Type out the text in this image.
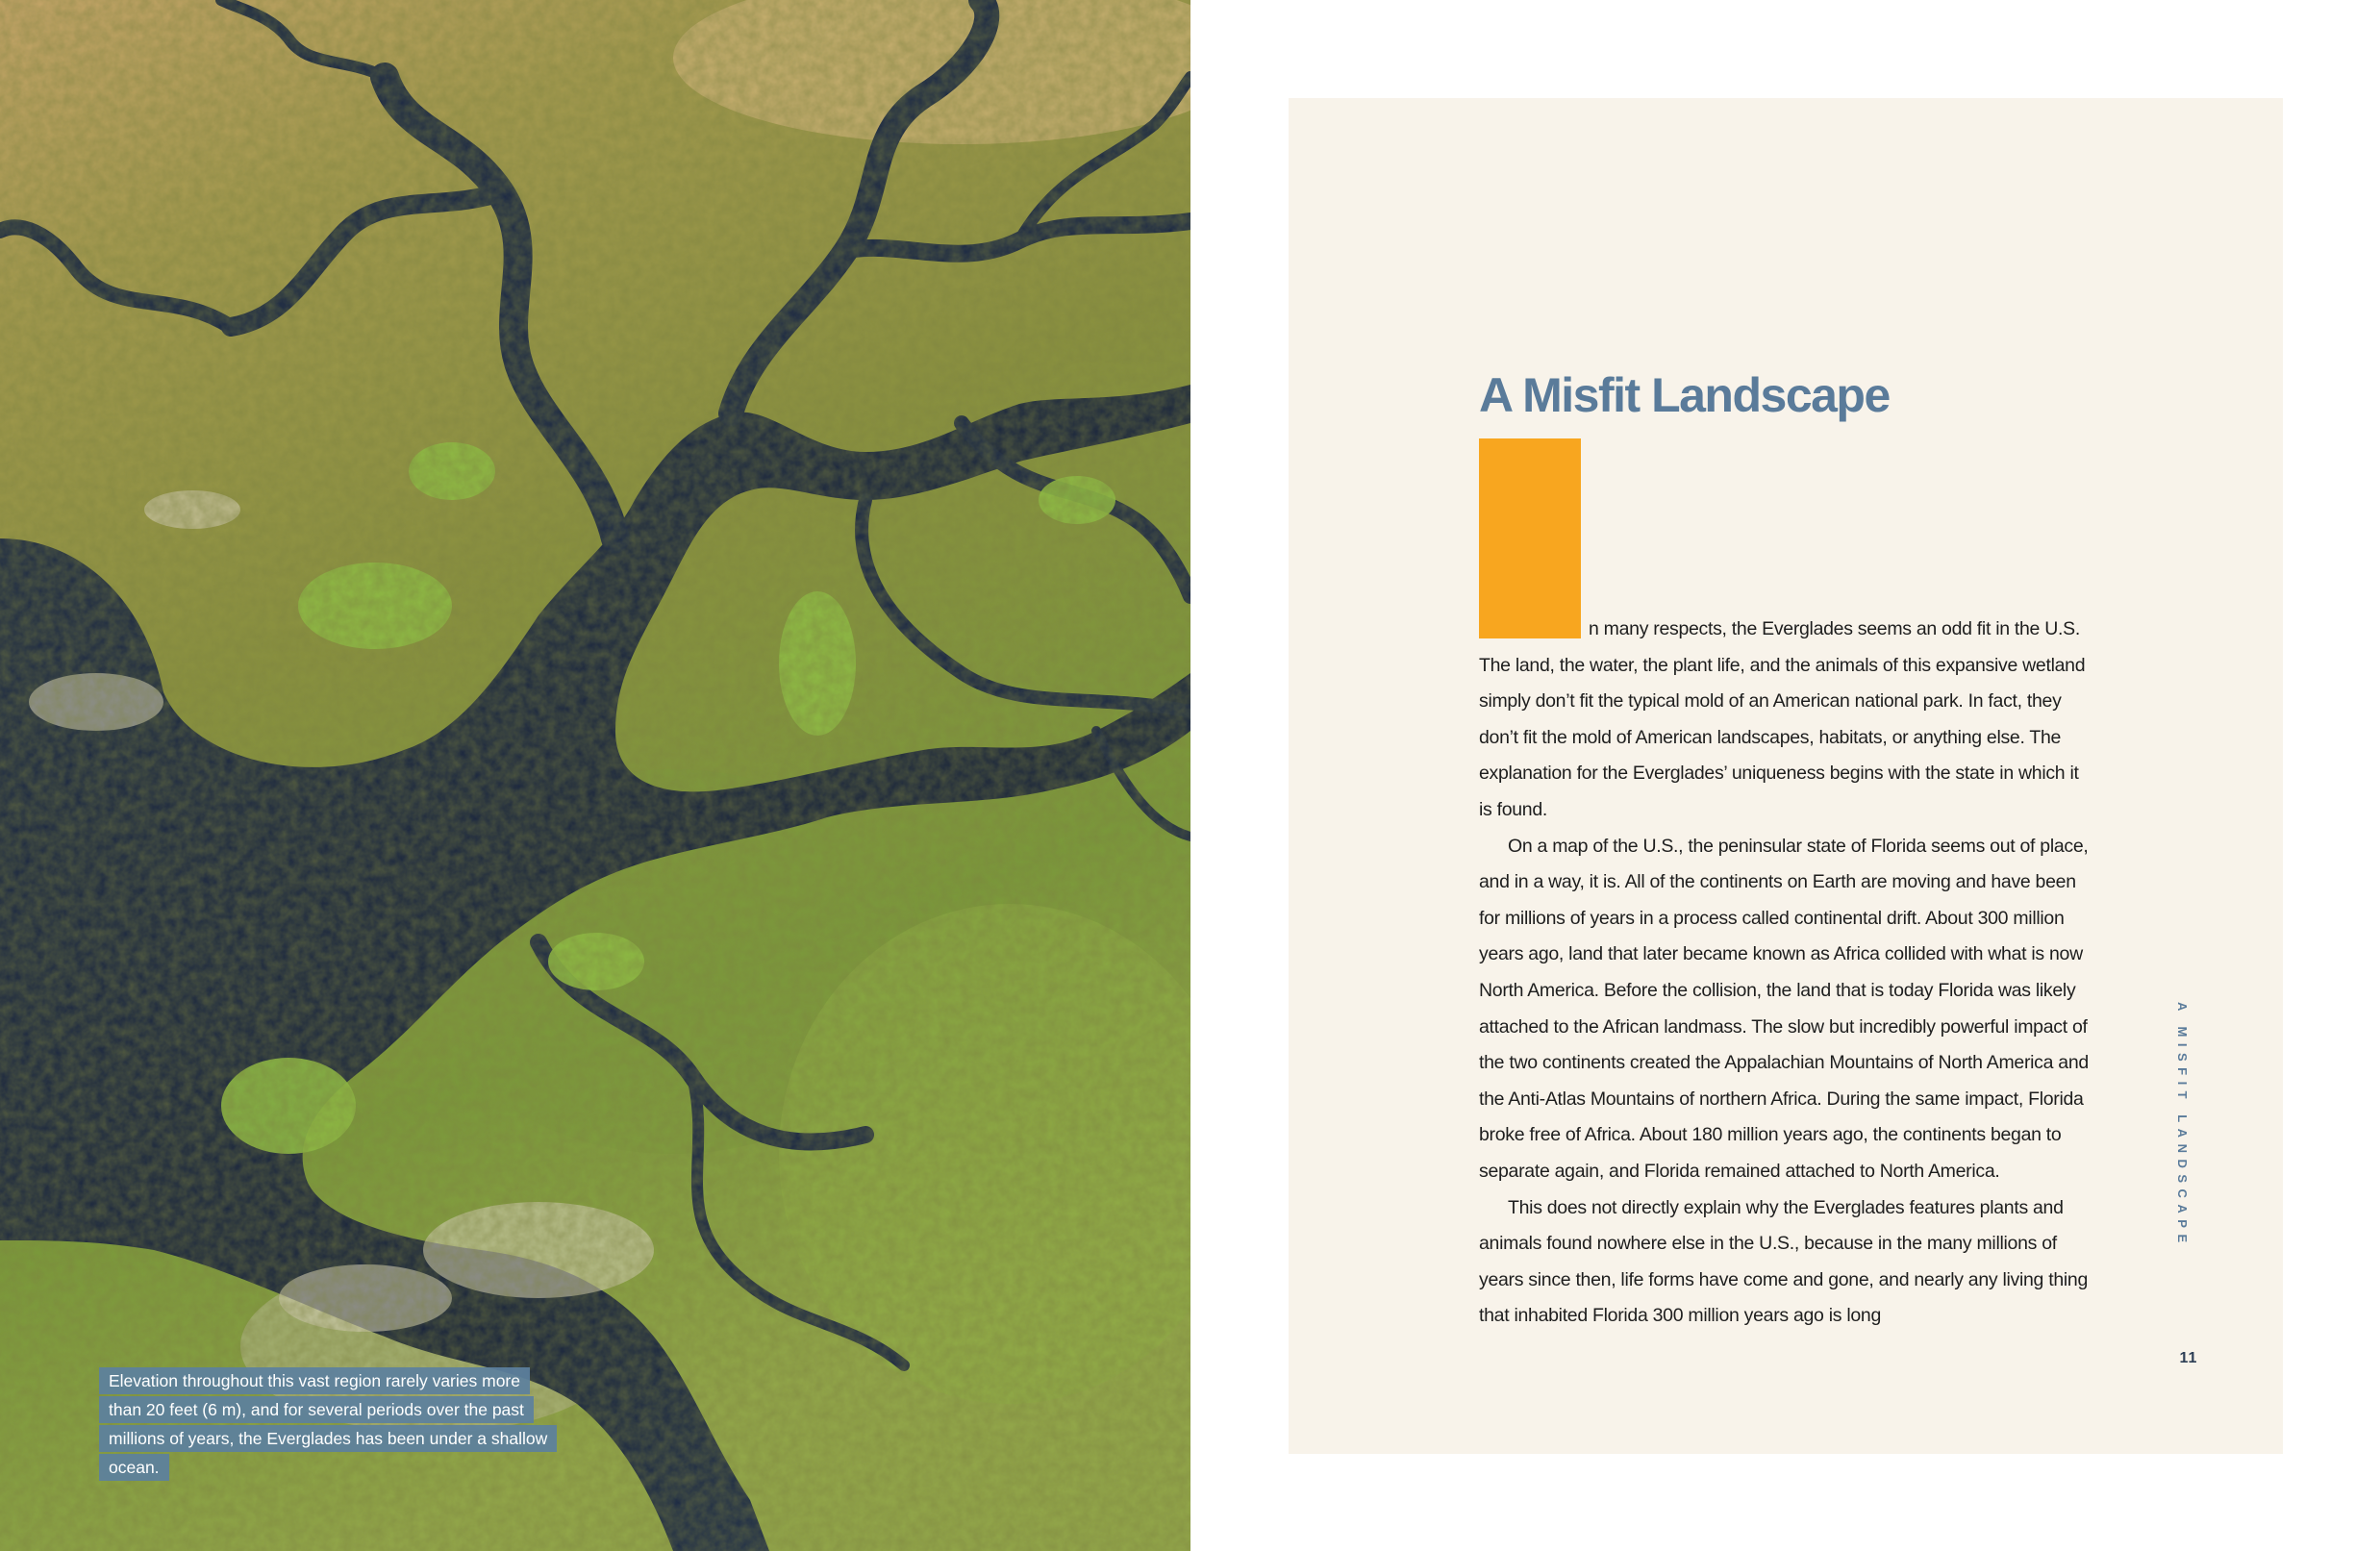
Elevation throughout this vast region rarely varies more than 20 feet (6 m), and for several periods over the past millions of years, the Everglades has been under a shallow ocean.
A Misfit Landscape

n many respects, the Everglades seems an odd fit in the U.S. The land, the water, the plant life, and the animals of this expansive wetland simply don’t fit the typical mold of an American national park. In fact, they don’t fit the mold of American landscapes, habitats, or anything else. The explanation for the Everglades’ uniqueness begins with the state in which it is found.

On a map of the U.S., the peninsular state of Florida seems out of place, and in a way, it is. All of the continents on Earth are moving and have been for millions of years in a process called continental drift. About 300 million years ago, land that later became known as Africa collided with what is now North America. Before the collision, the land that is today Florida was likely attached to the African landmass. The slow but incredibly powerful impact of the two continents created the Appalachian Mountains of North America and the Anti-Atlas Mountains of northern Africa. During the same impact, Florida broke free of Africa. About 180 million years ago, the continents began to separate again, and Florida remained attached to North America.

This does not directly explain why the Everglades features plants and animals found nowhere else in the U.S., because in the many millions of years since then, life forms have come and gone, and nearly any living thing that inhabited Florida 300 million years ago is long

A MISFIT LANDSCAPE
11
